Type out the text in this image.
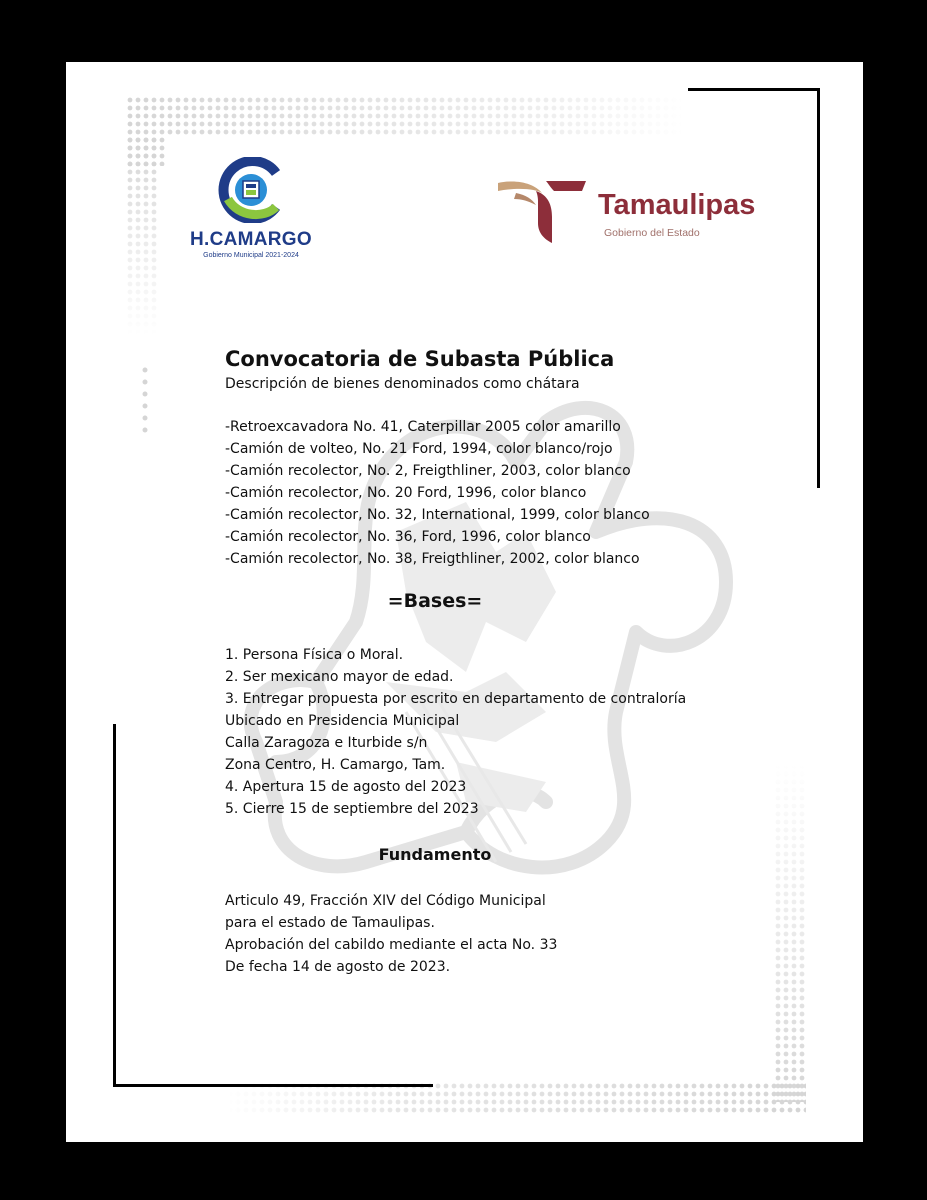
H.CAMARGO
Gobierno Municipal 2021-2024
Tamaulipas
Gobierno del Estado
Convocatoria de Subasta Pública
Descripción de bienes denominados como chátara
-Retroexcavadora No. 41, Caterpillar 2005 color amarillo
-Camión de volteo, No. 21 Ford, 1994, color blanco/rojo
-Camión recolector, No. 2, Freigthliner, 2003, color blanco
-Camión recolector, No. 20 Ford, 1996, color blanco
-Camión recolector, No. 32, International, 1999, color blanco
-Camión recolector, No. 36, Ford, 1996, color blanco
-Camión recolector, No. 38, Freigthliner, 2002, color blanco
=Bases=
1. Persona Física o Moral.
2. Ser mexicano mayor de edad.
3. Entregar propuesta por escrito en departamento de contraloría
Ubicado en Presidencia Municipal
Calla Zaragoza e Iturbide s/n
Zona Centro, H. Camargo, Tam.
4. Apertura 15 de agosto del 2023
5. Cierre 15 de septiembre del 2023
Fundamento
Articulo 49, Fracción XIV del Código Municipal
para el estado de Tamaulipas.
Aprobación del cabildo mediante el acta No. 33
De fecha 14 de agosto de 2023.
